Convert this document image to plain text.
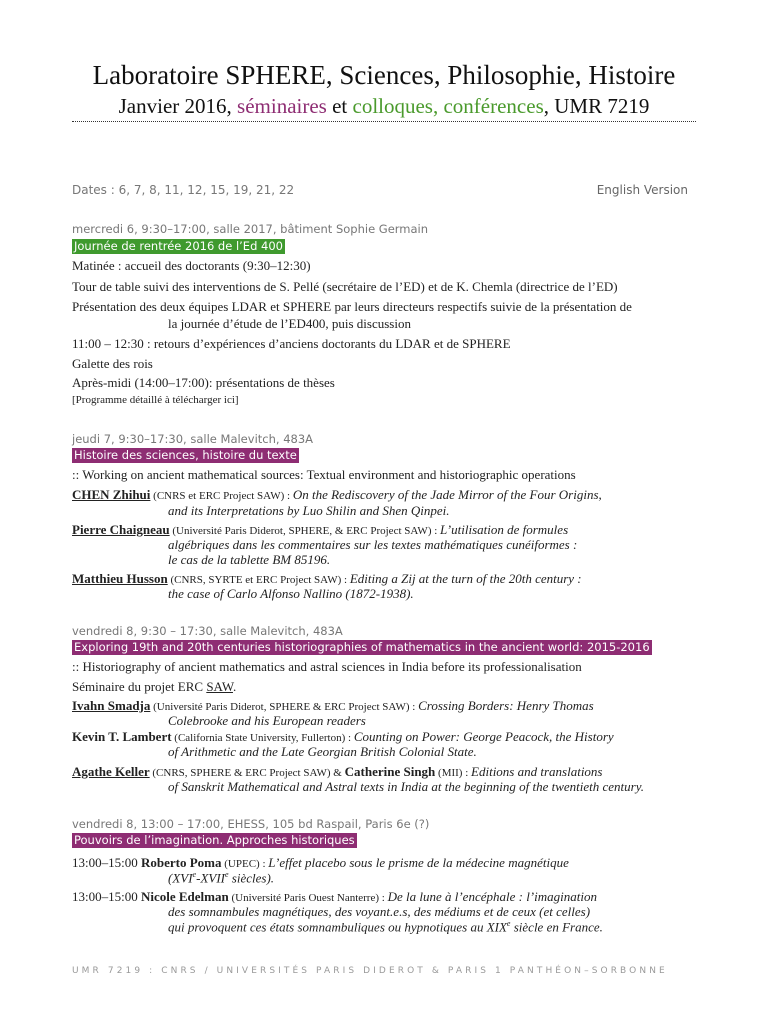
Laboratoire SPHERE, Sciences, Philosophie, Histoire
Janvier 2016, séminaires et colloques, conférences, UMR 7219
Dates : 6, 7, 8, 11, 12, 15, 19, 21, 22	English Version
mercredi 6, 9:30–17:00, salle 2017, bâtiment Sophie Germain
Journée de rentrée 2016 de l’Ed 400
Matinée : accueil des doctorants (9:30–12:30)
Tour de table suivi des interventions de S. Pellé (secrétaire de l’ED) et de K. Chemla (directrice de l’ED)
Présentation des deux équipes LDAR et SPHERE par leurs directeurs respectifs suivie de la présentation de
la journée d’étude de l’ED400, puis discussion
11:00 – 12:30 : retours d’expériences d’anciens doctorants du LDAR et de SPHERE
Galette des rois
Après-midi (14:00–17:00): présentations de thèses
[Programme détaillé à télécharger ici]
jeudi 7, 9:30–17:30, salle Malevitch, 483A
Histoire des sciences, histoire du texte
:: Working on ancient mathematical sources: Textual environment and historiographic operations
CHEN Zhihui (CNRS et ERC Project SAW) : On the Rediscovery of the Jade Mirror of the Four Origins,
and its Interpretations by Luo Shilin and Shen Qinpei.
Pierre Chaigneau (Université Paris Diderot, SPHERE, & ERC Project SAW) : L’utilisation de formules
algébriques dans les commentaires sur les textes mathématiques cunéiformes :
le cas de la tablette BM 85196.
Matthieu Husson (CNRS, SYRTE et ERC Project SAW) : Editing a Zij at the turn of the 20th century :
the case of Carlo Alfonso Nallino (1872-1938).
vendredi 8, 9:30 – 17:30, salle Malevitch, 483A
Exploring 19th and 20th centuries historiographies of mathematics in the ancient world: 2015-2016
:: Historiography of ancient mathematics and astral sciences in India before its professionalisation
Séminaire du projet ERC SAW.
Ivahn Smadja (Université Paris Diderot, SPHERE & ERC Project SAW) : Crossing Borders: Henry Thomas
Colebrooke and his European readers
Kevin T. Lambert (California State University, Fullerton) : Counting on Power: George Peacock, the History
of Arithmetic and the Late Georgian British Colonial State.
Agathe Keller (CNRS, SPHERE & ERC Project SAW) & Catherine Singh (MII) : Editions and translations
of Sanskrit Mathematical and Astral texts in India at the beginning of the twentieth century.
vendredi 8, 13:00 – 17:00, EHESS, 105 bd Raspail, Paris 6e (?)
Pouvoirs de l’imagination. Approches historiques
13:00–15:00 Roberto Poma (UPEC) : L’effet placebo sous le prisme de la médecine magnétique
(XVIe-XVIIe siècles).
13:00–15:00 Nicole Edelman (Université Paris Ouest Nanterre) : De la lune à l’encéphale : l’imagination
des somnambules magnétiques, des voyant.e.s, des médiums et de ceux (et celles)
qui provoquent ces états somnambuliques ou hypnotiques au XIXe siècle en France.
UMR 7219 : CNRS / UNIVERSITÉS PARIS DIDEROT & PARIS 1 PANTHÉON–SORBONNE
